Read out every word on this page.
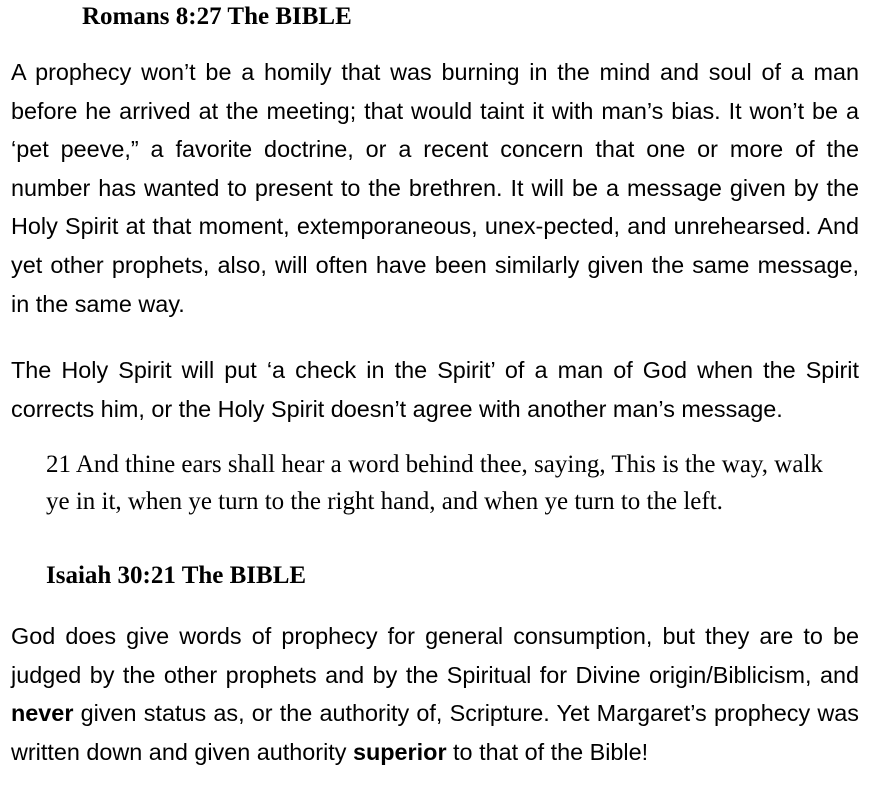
Romans 8:27 The BIBLE

A prophecy won’t be a homily that was burning in the mind and soul of a man before he arrived at the meeting; that would taint it with man’s bias. It won’t be a ‘pet peeve,” a favorite doctrine, or a recent concern that one or more of the number has wanted to present to the brethren. It will be a message given by the Holy Spirit at that moment, extemporaneous, unex-pected, and unrehearsed. And yet other prophets, also, will often have been similarly given the same message, in the same way.

The Holy Spirit will put ‘a check in the Spirit’ of a man of God when the Spirit corrects him, or the Holy Spirit doesn’t agree with another man’s message.

21 And thine ears shall hear a word behind thee, saying, This is the way, walk ye in it, when ye turn to the right hand, and when ye turn to the left.

Isaiah 30:21 The BIBLE

God does give words of prophecy for general consumption, but they are to be judged by the other prophets and by the Spiritual for Divine origin/Biblicism, and never given status as, or the authority of, Scripture. Yet Margaret’s prophecy was written down and given authority superior to that of the Bible!
